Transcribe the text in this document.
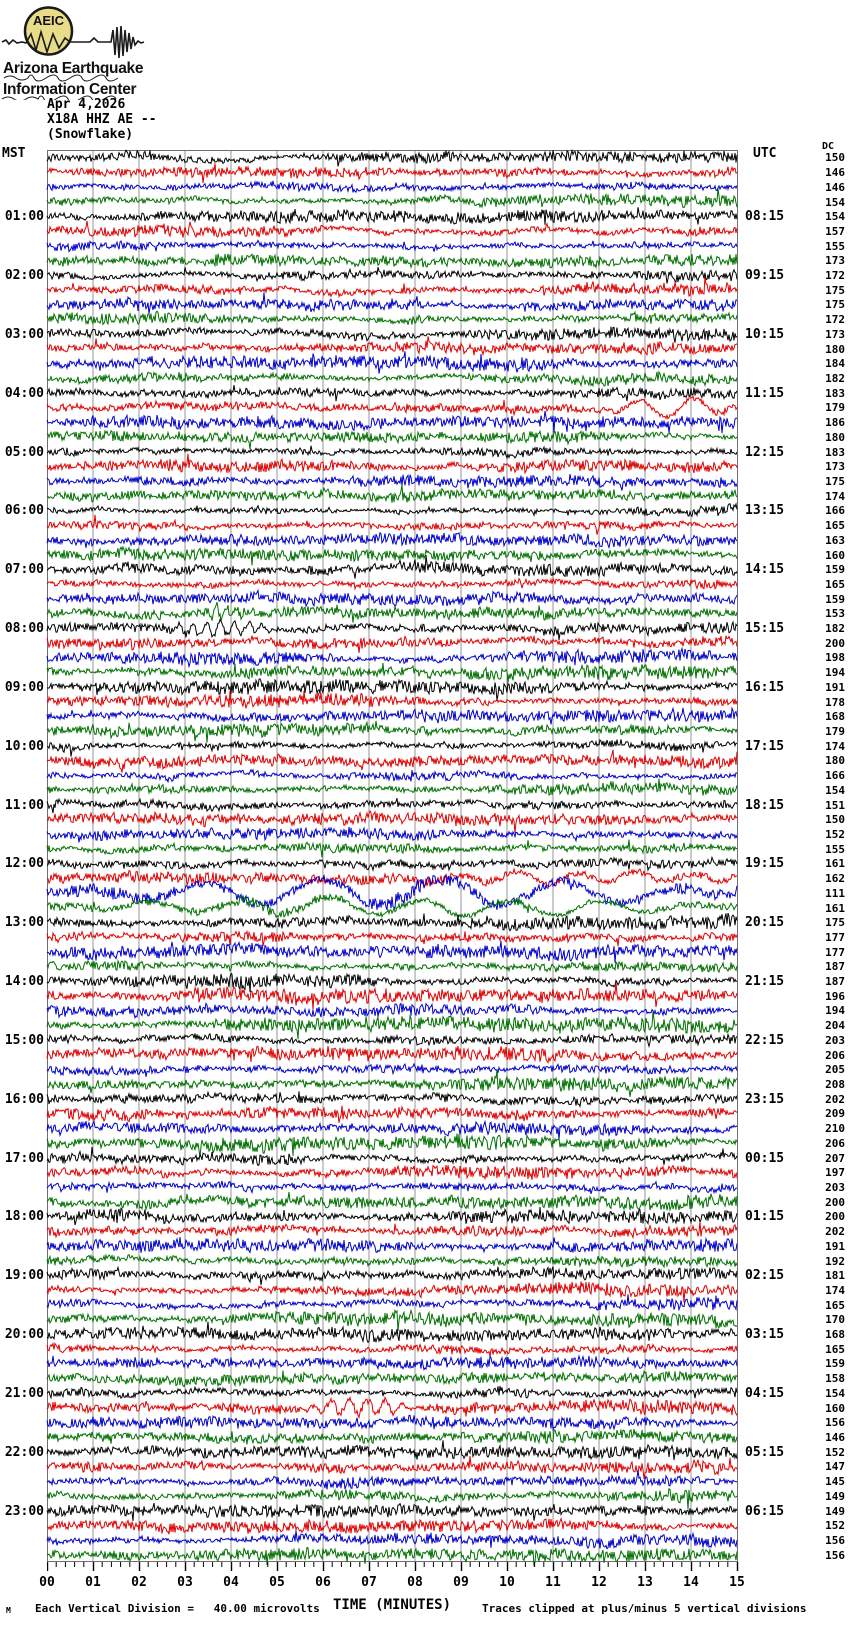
AEIC
Arizona Earthquake
Information Center
Apr 4,2026
X18A HHZ AE --
(Snowflake)
MST	UTC	DC
01:00
02:00
03:00
04:00
05:00
06:00
07:00
08:00
09:00
10:00
11:00
12:00
13:00
14:00
15:00
16:00
17:00
18:00
19:00
20:00
21:00
22:00
23:00
08:15
09:15
10:15
11:15
12:15
13:15
14:15
15:15
16:15
17:15
18:15
19:15
20:15
21:15
22:15
23:15
00:15
01:15
02:15
03:15
04:15
05:15
06:15
150
146
146
154
154
157
155
173
172
175
175
172
173
180
184
182
183
179
186
180
183
173
175
174
166
165
163
160
159
165
159
153
182
200
198
194
191
178
168
179
174
180
166
154
151
150
152
155
161
162
111
161
175
177
177
187
187
196
194
204
203
206
205
208
202
209
210
206
207
197
203
200
200
202
191
192
181
174
165
170
168
165
159
158
154
160
156
146
152
147
145
149
149
152
156
156
00 01 02 03 04 05 06 07 08 09 10 11 12 13 14 15
M Each Vertical Division =   40.00 microvolts TIME (MINUTES)	Traces clipped at plus/minus 5 vertical divisions
